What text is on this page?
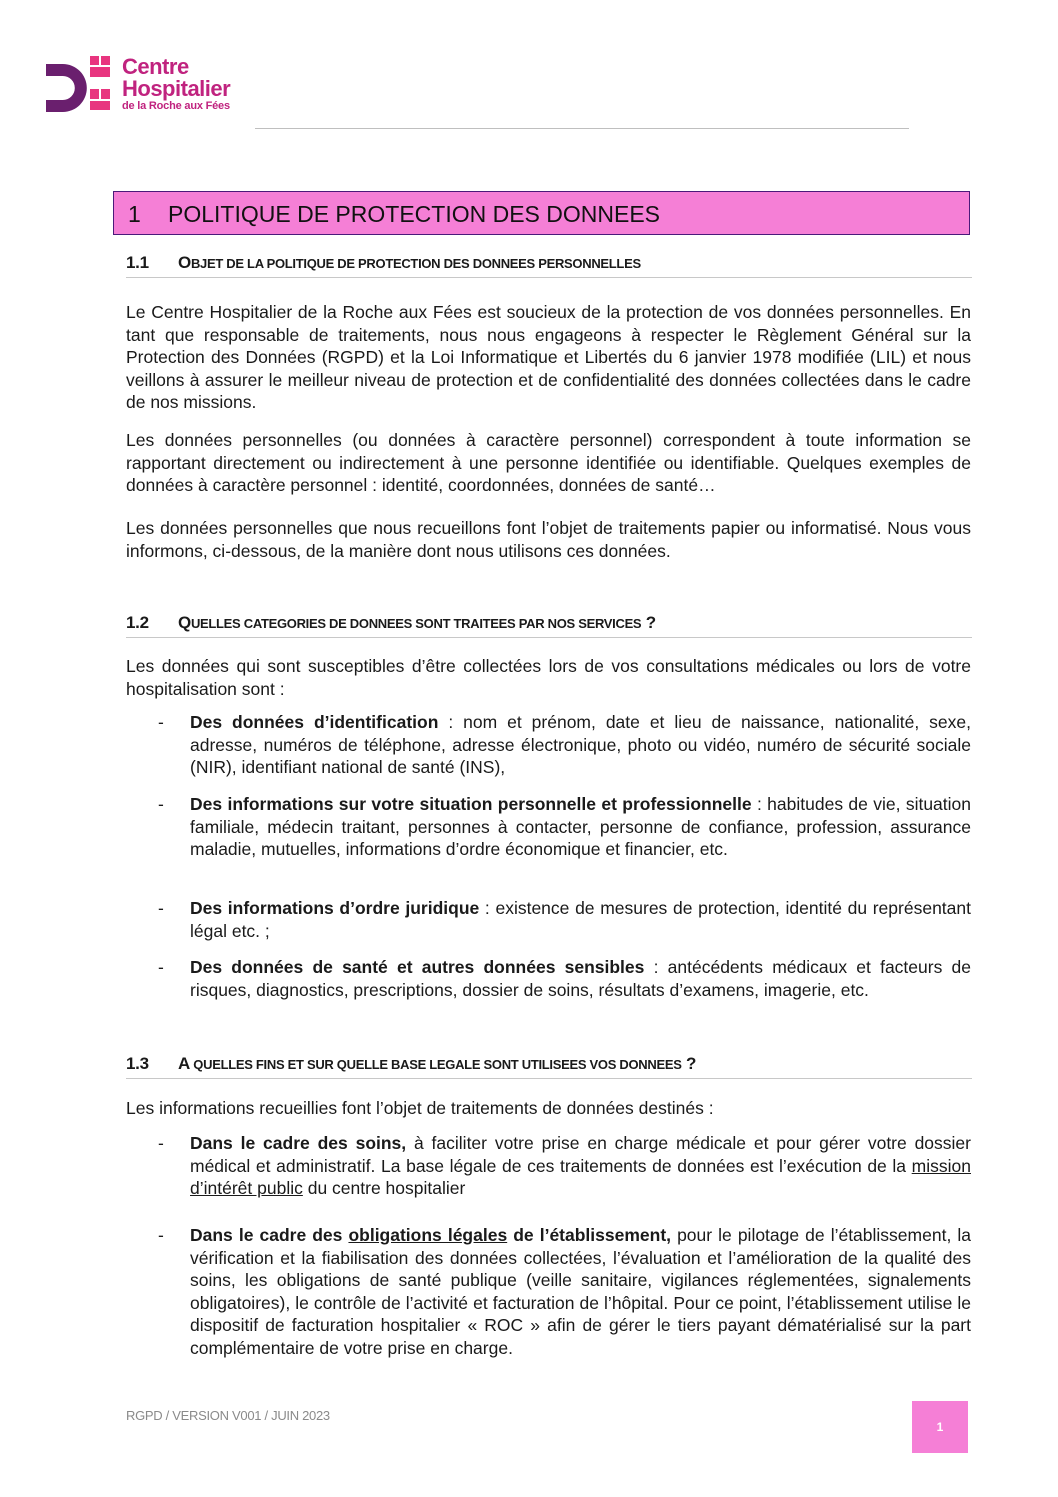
Centre
Hospitalier
de la Roche aux Fées
1 POLITIQUE DE PROTECTION DES DONNEES
1.1 OBJET DE LA POLITIQUE DE PROTECTION DES DONNEES PERSONNELLES
Le Centre Hospitalier de la Roche aux Fées est soucieux de la protection de vos données personnelles. En tant que responsable de traitements, nous nous engageons à respecter le Règlement Général sur la Protection des Données (RGPD) et la Loi Informatique et Libertés du 6 janvier 1978 modifiée (LIL) et nous veillons à assurer le meilleur niveau de protection et de confidentialité des données collectées dans le cadre de nos missions.
Les données personnelles (ou données à caractère personnel) correspondent à toute information se rapportant directement ou indirectement à une personne identifiée ou identifiable. Quelques exemples de données à caractère personnel : identité, coordonnées, données de santé…
Les données personnelles que nous recueillons font l’objet de traitements papier ou informatisé. Nous vous informons, ci-dessous, de la manière dont nous utilisons ces données.
1.2 QUELLES CATEGORIES DE DONNEES SONT TRAITEES PAR NOS SERVICES ?
Les données qui sont susceptibles d’être collectées lors de vos consultations médicales ou lors de votre hospitalisation sont :
- Des données d’identification : nom et prénom, date et lieu de naissance, nationalité, sexe, adresse, numéros de téléphone, adresse électronique, photo ou vidéo, numéro de sécurité sociale (NIR), identifiant national de santé (INS),
- Des informations sur votre situation personnelle et professionnelle : habitudes de vie, situation familiale, médecin traitant, personnes à contacter, personne de confiance, profession, assurance maladie, mutuelles, informations d’ordre économique et financier, etc.
- Des informations d’ordre juridique : existence de mesures de protection, identité du représentant légal etc. ;
- Des données de santé et autres données sensibles : antécédents médicaux et facteurs de risques, diagnostics, prescriptions, dossier de soins, résultats d’examens, imagerie, etc.
1.3 A QUELLES FINS ET SUR QUELLE BASE LEGALE SONT UTILISEES VOS DONNEES ?
Les informations recueillies font l’objet de traitements de données destinés :
- Dans le cadre des soins, à faciliter votre prise en charge médicale et pour gérer votre dossier médical et administratif. La base légale de ces traitements de données est l’exécution de la mission d’intérêt public du centre hospitalier
- Dans le cadre des obligations légales de l’établissement, pour le pilotage de l’établissement, la vérification et la fiabilisation des données collectées, l’évaluation et l’amélioration de la qualité des soins, les obligations de santé publique (veille sanitaire, vigilances réglementées, signalements obligatoires), le contrôle de l’activité et facturation de l’hôpital. Pour ce point, l’établissement utilise le dispositif de facturation hospitalier « ROC » afin de gérer le tiers payant dématérialisé sur la part complémentaire de votre prise en charge.
RGPD / VERSION V001 / JUIN 2023
1
